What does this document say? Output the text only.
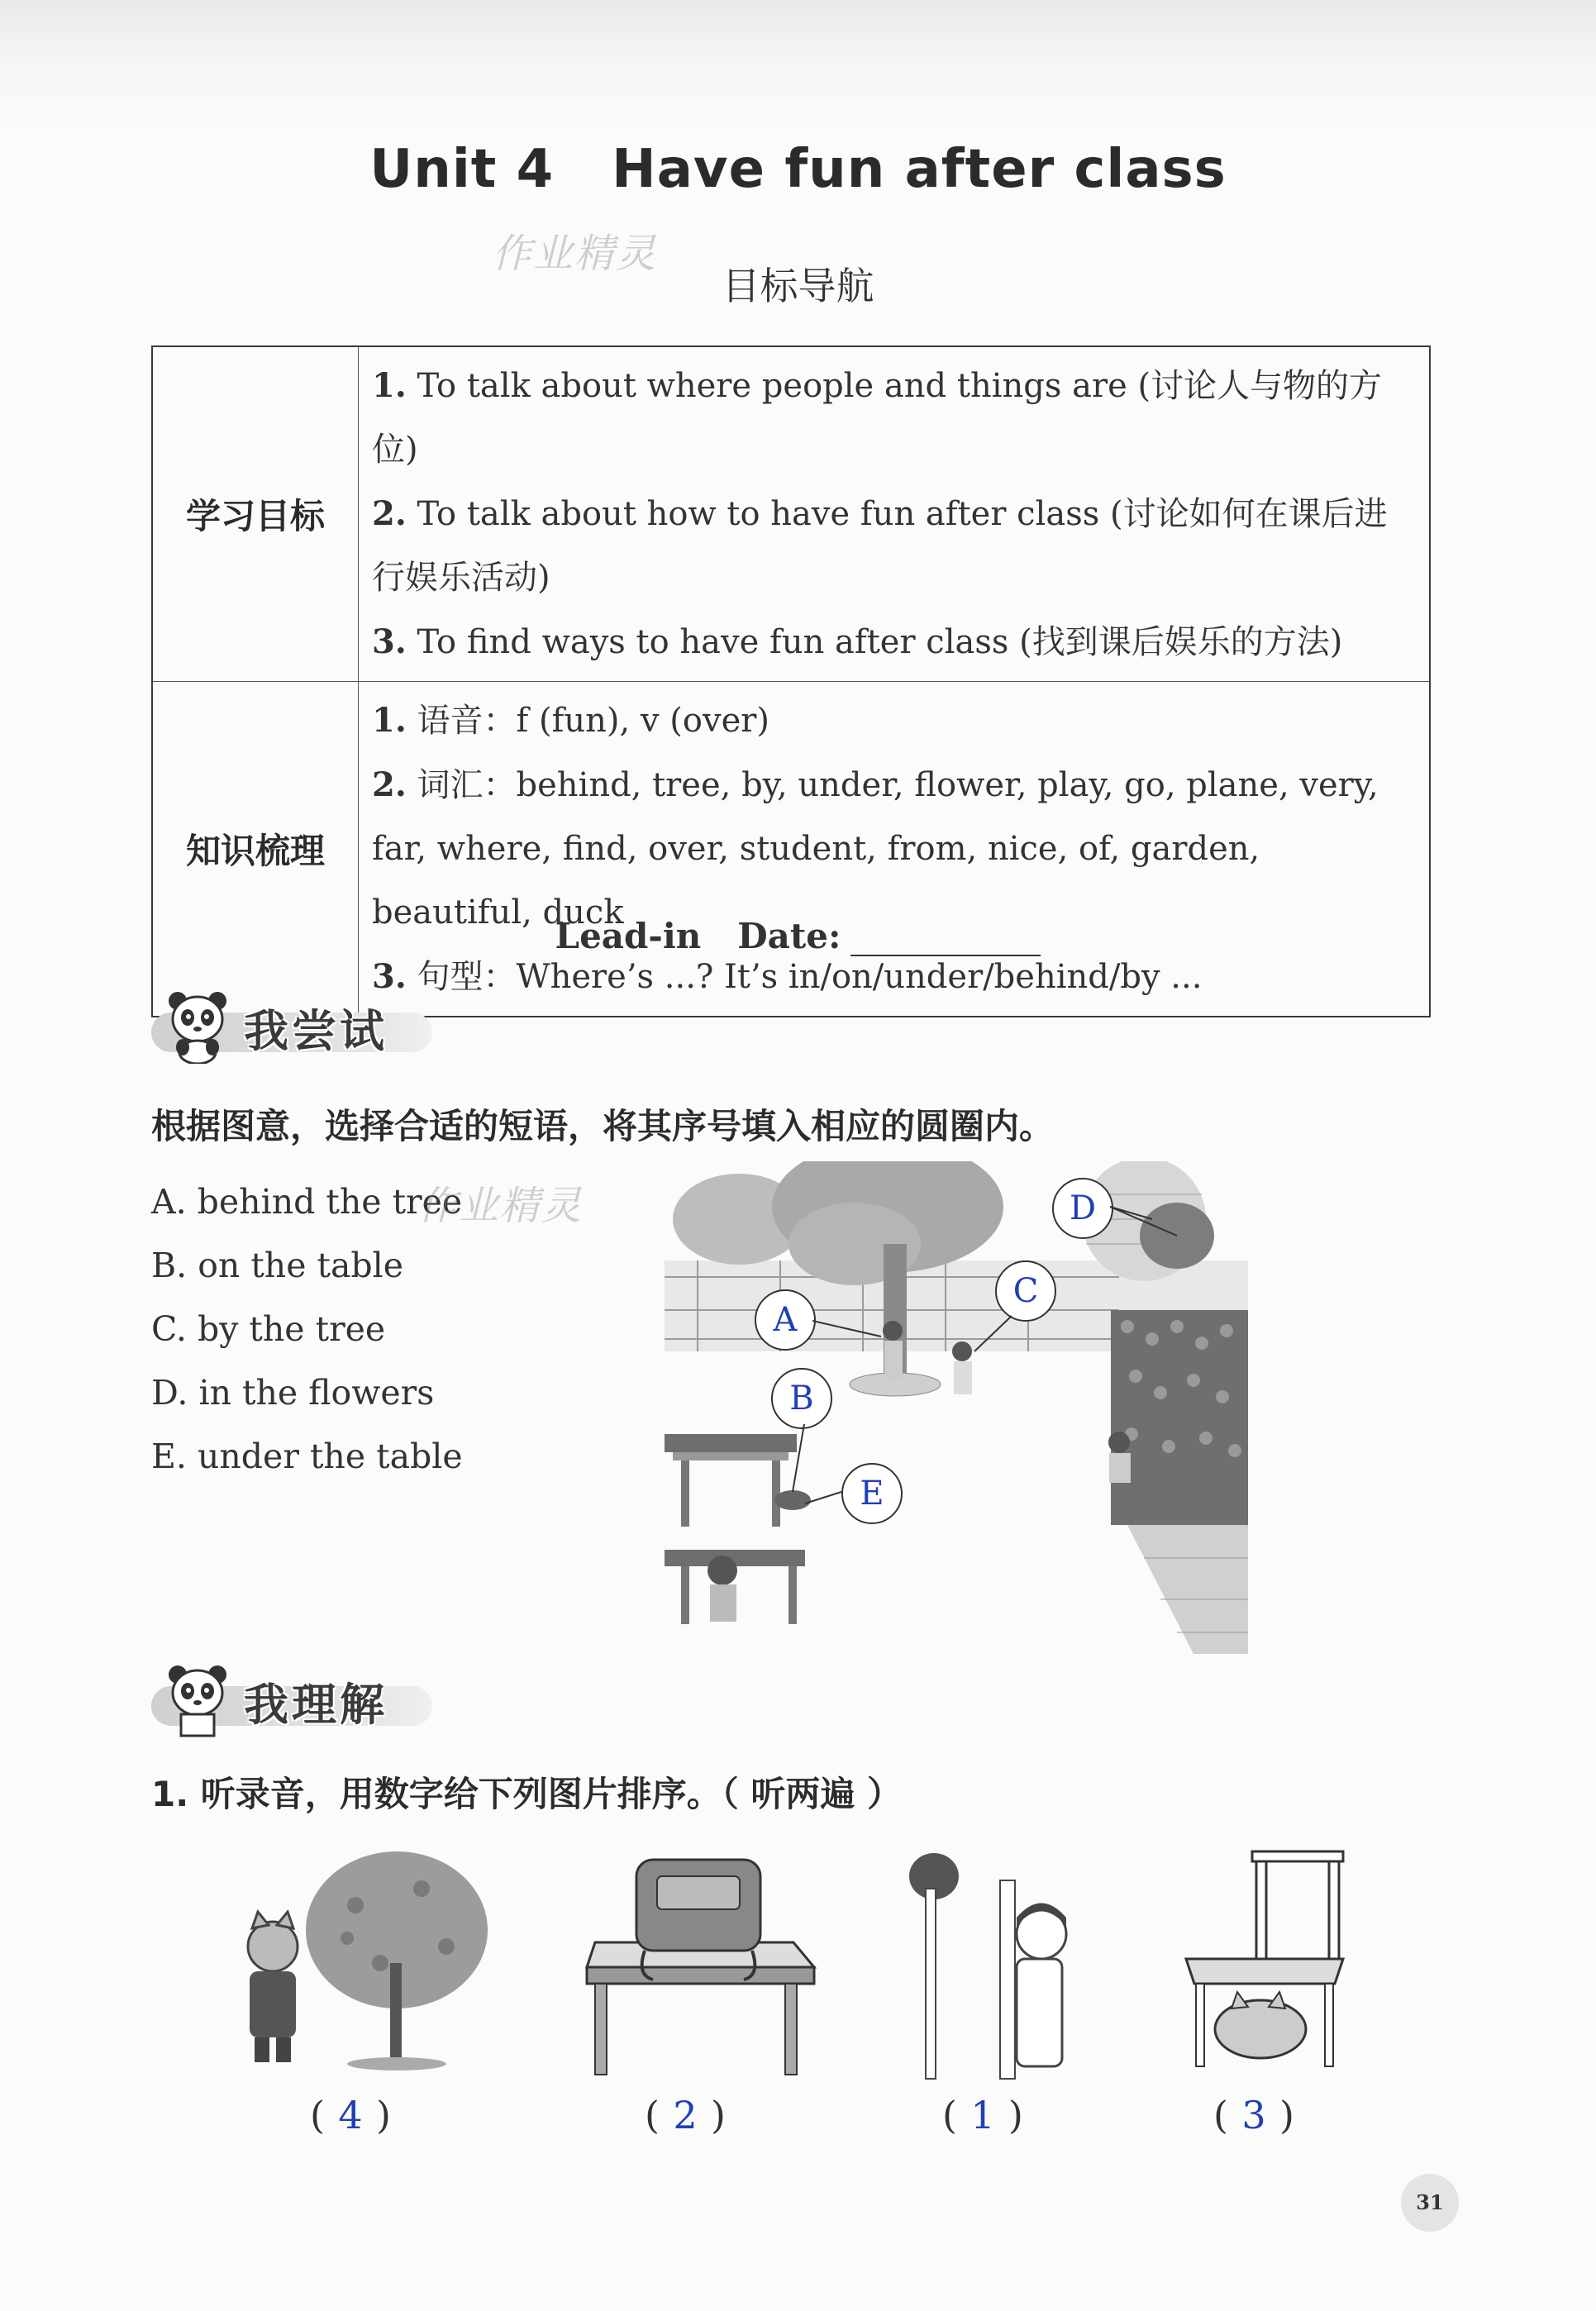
Unit 4 Have fun after class
作业精灵
目标导航
学习目标	1. To talk about where people and things are (讨论人与物的方位)
2. To talk about how to have fun after class (讨论如何在课后进行娱乐活动)
3. To find ways to have fun after class (找到课后娱乐的方法)

知识梳理	1. 语音：f (fun), v (over)
2. 词汇：behind, tree, by, under, flower, play, go, plane, very, far, where, find, over, student, from, nice, of, garden, beautiful, duck
3. 句型：Where’s ...? It’s in/on/under/behind/by ...
Lead-in Date:
我尝试
根据图意，选择合适的短语，将其序号填入相应的圆圈内。
A. behind the tree
B. on the table
C. by the tree
D. in the flowers
E. under the table
作业精灵
A
B
C
D
E
我理解
1. 听录音，用数字给下列图片排序。（ 听两遍 ）
( 4 )	( 2 )	( 1 )	( 3 )
31
